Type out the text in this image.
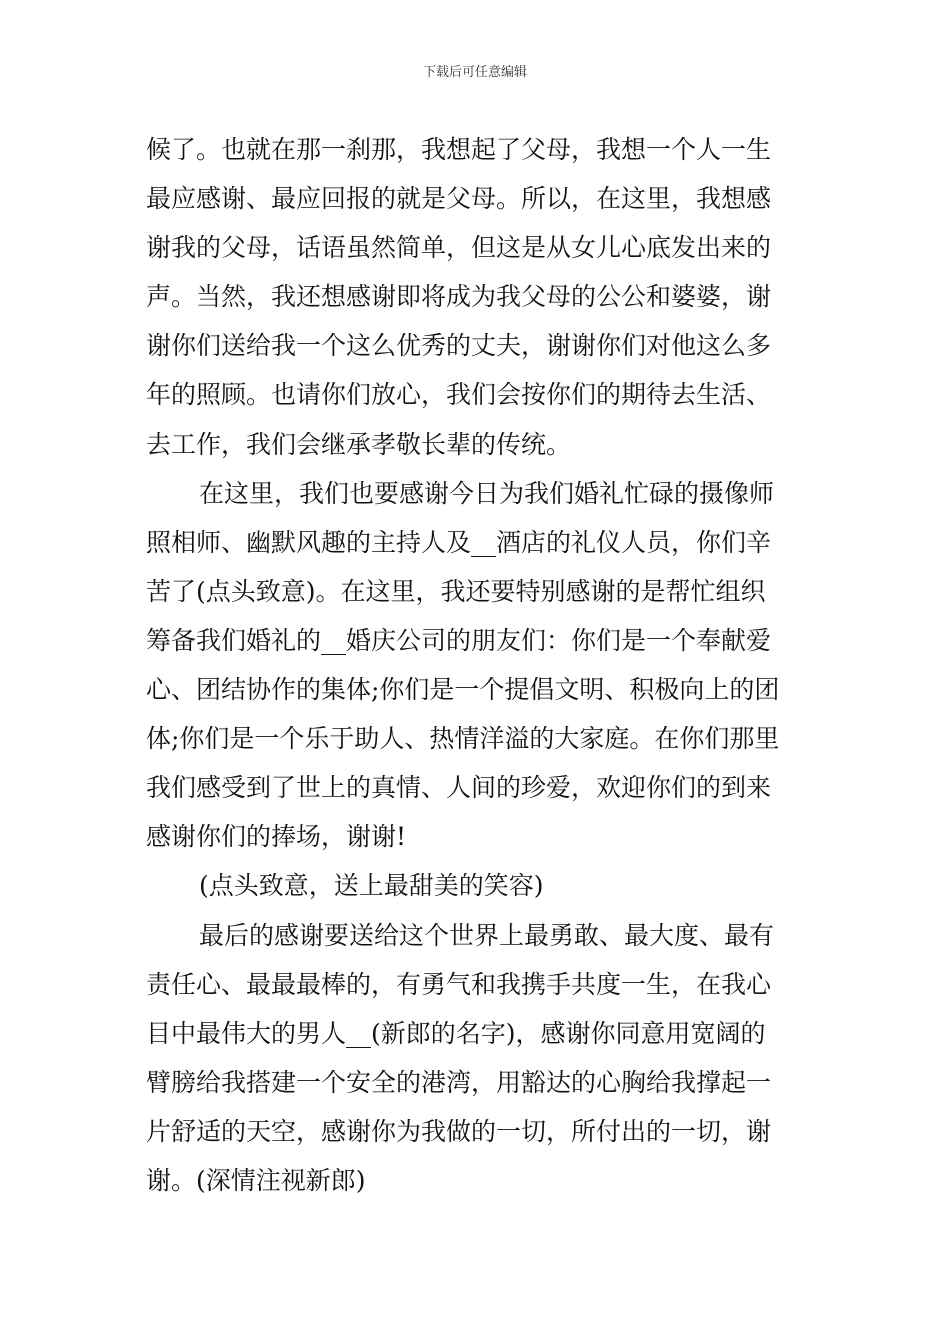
下载后可任意编辑
候了。也就在那一刹那，我想起了父母，我想一个人一生
最应感谢、最应回报的就是父母。所以，在这里，我想感
谢我的父母，话语虽然简单，但这是从女儿心底发出来的
声。当然，我还想感谢即将成为我父母的公公和婆婆，谢
谢你们送给我一个这么优秀的丈夫，谢谢你们对他这么多
年的照顾。也请你们放心，我们会按你们的期待去生活、
去工作，我们会继承孝敬长辈的传统。
在这里，我们也要感谢今日为我们婚礼忙碌的摄像师
照相师、幽默风趣的主持人及__酒店的礼仪人员，你们辛
苦了(点头致意)。在这里，我还要特别感谢的是帮忙组织
筹备我们婚礼的__婚庆公司的朋友们：你们是一个奉献爱
心、团结协作的集体;你们是一个提倡文明、积极向上的团
体;你们是一个乐于助人、热情洋溢的大家庭。在你们那里
我们感受到了世上的真情、人间的珍爱，欢迎你们的到来
感谢你们的捧场，谢谢!
(点头致意，送上最甜美的笑容)
最后的感谢要送给这个世界上最勇敢、最大度、最有
责任心、最最最棒的，有勇气和我携手共度一生，在我心
目中最伟大的男人__(新郎的名字)，感谢你同意用宽阔的
臂膀给我搭建一个安全的港湾，用豁达的心胸给我撑起一
片舒适的天空，感谢你为我做的一切，所付出的一切，谢
谢。(深情注视新郎)
